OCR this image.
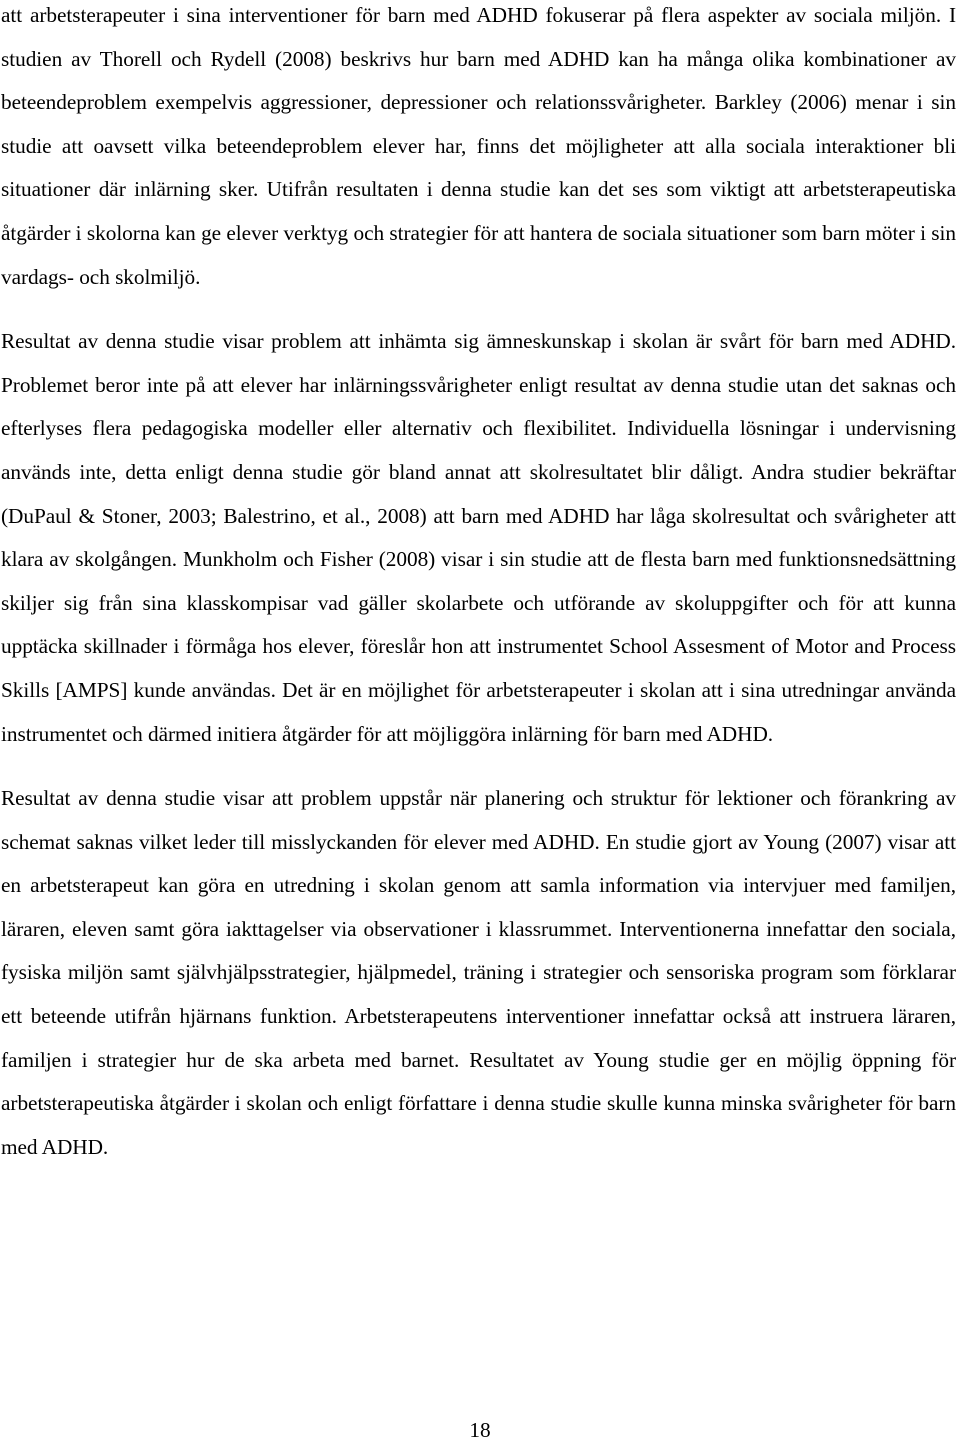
att arbetsterapeuter i sina interventioner för barn med ADHD fokuserar på flera aspekter av sociala miljön. I studien av Thorell och Rydell (2008) beskrivs hur barn med ADHD kan ha många olika kombinationer av beteendeproblem exempelvis aggressioner, depressioner och relationssvårigheter. Barkley (2006) menar i sin studie att oavsett vilka beteendeproblem elever har, finns det möjligheter att alla sociala interaktioner bli situationer där inlärning sker. Utifrån resultaten i denna studie kan det ses som viktigt att arbetsterapeutiska åtgärder i skolorna kan ge elever verktyg och strategier för att hantera de sociala situationer som barn möter i sin vardags- och skolmiljö.

Resultat av denna studie visar problem att inhämta sig ämneskunskap i skolan är svårt för barn med ADHD. Problemet beror inte på att elever har inlärningssvårigheter enligt resultat av denna studie utan det saknas och efterlyses flera pedagogiska modeller eller alternativ och flexibilitet. Individuella lösningar i undervisning används inte, detta enligt denna studie gör bland annat att skolresultatet blir dåligt. Andra studier bekräftar (DuPaul & Stoner, 2003; Balestrino, et al., 2008) att barn med ADHD har låga skolresultat och svårigheter att klara av skolgången. Munkholm och Fisher (2008) visar i sin studie att de flesta barn med funktionsnedsättning skiljer sig från sina klasskompisar vad gäller skolarbete och utförande av skoluppgifter och för att kunna upptäcka skillnader i förmåga hos elever, föreslår hon att instrumentet School Assesment of Motor and Process Skills [AMPS] kunde användas. Det är en möjlighet för arbetsterapeuter i skolan att i sina utredningar använda instrumentet och därmed initiera åtgärder för att möjliggöra inlärning för barn med ADHD.

Resultat av denna studie visar att problem uppstår när planering och struktur för lektioner och förankring av schemat saknas vilket leder till misslyckanden för elever med ADHD. En studie gjort av Young (2007) visar att en arbetsterapeut kan göra en utredning i skolan genom att samla information via intervjuer med familjen, läraren, eleven samt göra iakttagelser via observationer i klassrummet. Interventionerna innefattar den sociala, fysiska miljön samt självhjälpsstrategier, hjälpmedel, träning i strategier och sensoriska program som förklarar ett beteende utifrån hjärnans funktion. Arbetsterapeutens interventioner innefattar också att instruera läraren, familjen i strategier hur de ska arbeta med barnet. Resultatet av Young studie ger en möjlig öppning för arbetsterapeutiska åtgärder i skolan och enligt författare i denna studie skulle kunna minska svårigheter för barn med ADHD.

18
